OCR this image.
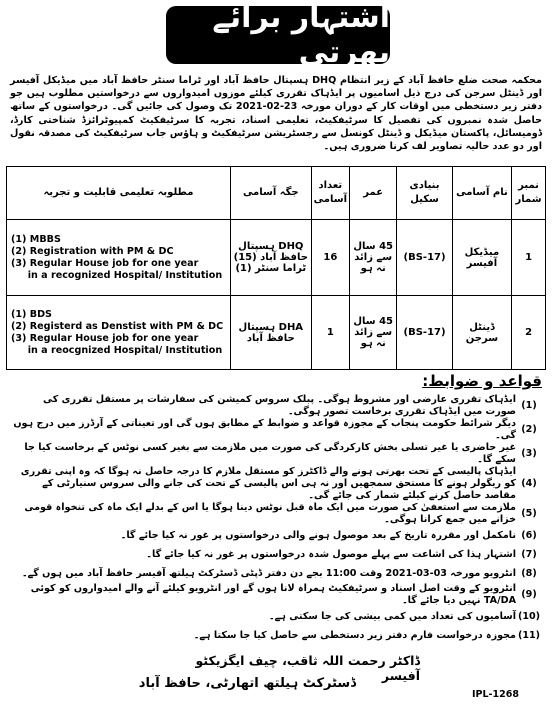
اشتہار برائے بھرتی
محکمہ صحت ضلع حافظ آباد کے زیر انتظام DHQ ہسپتال حافظ آباد اور ٹراما سنٹر حافظ آباد میں میڈیکل آفیسر اور ڈینٹل سرجن کی درج ذیل اسامیوں پر ایڈہاک تقرری کیلئے موزوں امیدواروں سے درخواستیں مطلوب ہیں جو دفتر زیر دستخطی میں اوقات کار کے دوران مورخہ 23-02-2021 تک وصول کی جائیں گی۔ درخواستوں کے ساتھ حاصل شدہ نمبروں کی تفصیل کا سرٹیفکیٹ، تعلیمی اسناد، تجربہ کا سرٹیفکیٹ کمپیوٹرائزڈ شناختی کارڈ، ڈومیسائل، پاکستان میڈیکل و ڈینٹل کونسل سے رجسٹریشن سرٹیفکیٹ و ہاؤس جاب سرٹیفکیٹ کی مصدقہ نقول اور دو عدد حالیہ تصاویر لف کرنا ضروری ہیں۔
نمبر شمار	نام آسامی	بنیادی سکیل	عمر	تعداد آسامی	جگہ آسامی	مطلوبہ تعلیمی قابلیت و تجربہ
1	میڈیکل آفیسر	(BS-17)	45 سال سے زائد نہ ہو	16	DHQ ہسپتال حافظ آباد (15) ٹراما سنٹر (1)	(1) MBBS
(2) Registration with PM & DC
(3) Regular House job for one year
in a recognized Hospital/ Institution

2	ڈینٹل سرجن	(BS-17)	45 سال سے زائد نہ ہو	1	DHA ہسپتال حافظ آباد	(1) BDS
(2) Registerd as Denstist with PM & DC
(3) Regular House job for one year
in a reocgnized Hospital/ Institution
قواعد و ضوابط:
(1)
ایڈہاک تقرری عارضی اور مشروط ہوگی۔ پبلک سروس کمیشن کی سفارشات پر مستقل تقرری کی صورت میں ایڈہاک تقرری برخاست تصور ہوگی۔
(2)
دیگر شرائط حکومت پنجاب کے مجوزہ قواعد و ضوابط کے مطابق ہوں گی اور تعیناتی کے آرڈرز میں درج ہوں گی۔
(3)
غیر حاضری یا غیر تسلی بخش کارکردگی کی صورت میں ملازمت سے بغیر کسی نوٹس کے برخاست کیا جا سکے گا۔
(4)
ایڈہاک پالیسی کے تحت بھرتی ہونے والے ڈاکٹرز کو مستقل ملازم کا درجہ حاصل نہ ہوگا کہ وہ اپنی تقرری کو ریگولر ہونے کا مستحق سمجھیں اور نہ ہی اس پالیسی کے تحت کی جانے والی سروس سنیارٹی کے مقاصد حاصل کرنے کیلئے شمار کی جائے گی۔
(5)
ملازمت سے استعفیٰ کی صورت میں ایک ماہ قبل نوٹس دینا ہوگا یا اس کے بدلے ایک ماہ کی تنخواہ قومی خزانے میں جمع کرانا ہوگی۔
(6)
نامکمل اور مقررہ تاریخ کے بعد موصول ہونے والی درخواستوں پر غور نہ کیا جائے گا۔
(7)
اشتہار ہذا کی اشاعت سے پہلے موصول شدہ درخواستوں پر غور نہ کیا جائے گا۔
(8)
انٹرویو مورخہ 03-03-2021 وقت 11:00 بجے دن دفتر ڈپٹی ڈسٹرکٹ ہیلتھ آفیسر حافظ آباد میں ہوں گے۔
(9)
انٹرویو کے وقت اصل اسناد و سرٹیفکیٹ ہمراہ لانا ہوں گے اور انٹرویو کیلئے آنے والے امیدواروں کو کوئی TA/DA نہیں دیا جائے گا۔
(10)
آسامیوں کی تعداد میں کمی بیشی کی جا سکتی ہے۔
(11)
مجوزہ درخواست فارم دفتر زیر دستخطی سے حاصل کیا جا سکتا ہے۔
ڈاکٹر رحمت اللہ ثاقب، چیف ایگزیکٹو آفیسر
ڈسٹرکٹ ہیلتھ اتھارٹی، حافظ آباد
IPL-1268
